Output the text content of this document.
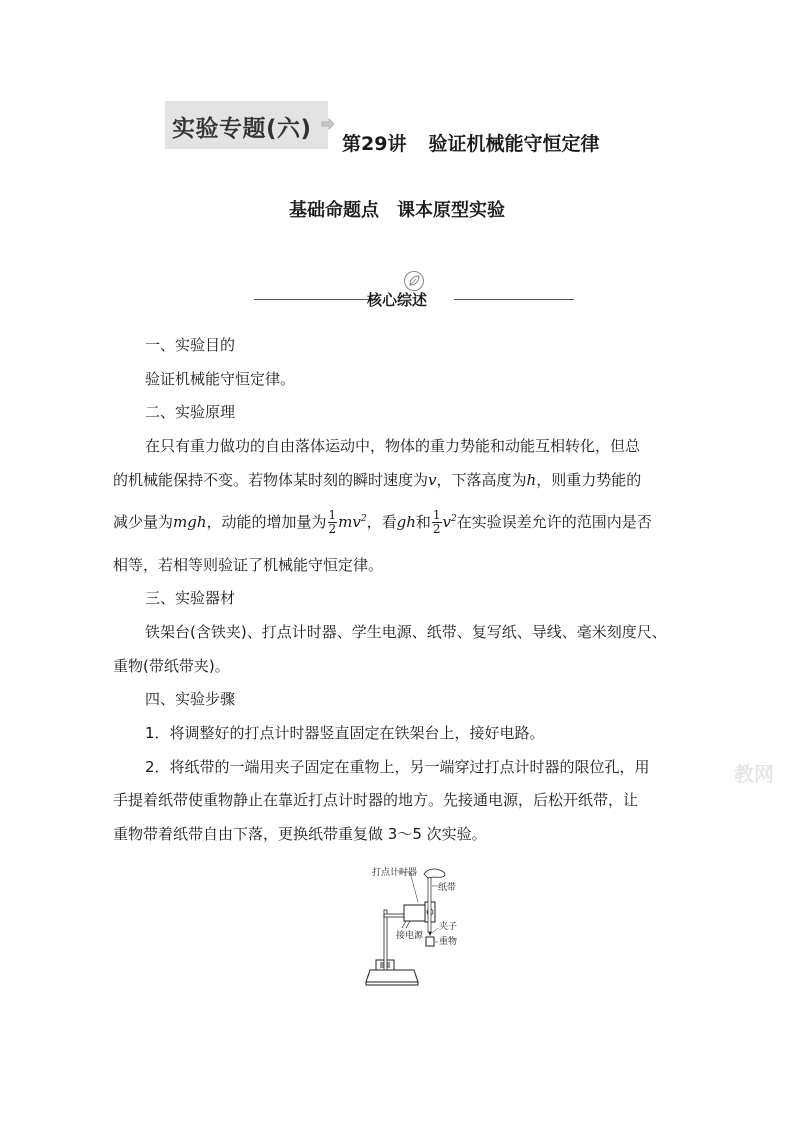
实验专题(六)
第29讲 验证机械能守恒定律
基础命题点 课本原型实验
核心综述
一、实验目的
验证机械能守恒定律。
二、实验原理
在只有重力做功的自由落体运动中，物体的重力势能和动能互相转化，但总
的机械能保持不变。若物体某时刻的瞬时速度为v，下落高度为h，则重力势能的
减少量为mgh，动能的增加量为 $\frac{1}{2} mv^2$，看gh和 $\frac{1}{2} v^2$在实验误差允许的范围内是否
相等，若相等则验证了机械能守恒定律。
三、实验器材
铁架台(含铁夹)、打点计时器、学生电源、纸带、复写纸、导线、毫米刻度尺、
重物(带纸带夹)。
四、实验步骤
1．将调整好的打点计时器竖直固定在铁架台上，接好电路。
2．将纸带的一端用夹子固定在重物上，另一端穿过打点计时器的限位孔，用
手提着纸带使重物静止在靠近打点计时器的地方。先接通电源，后松开纸带，让
重物带着纸带自由下落，更换纸带重复做 3～5 次实验。
教网
打点计时器
纸带
夹子
接电源
重物
